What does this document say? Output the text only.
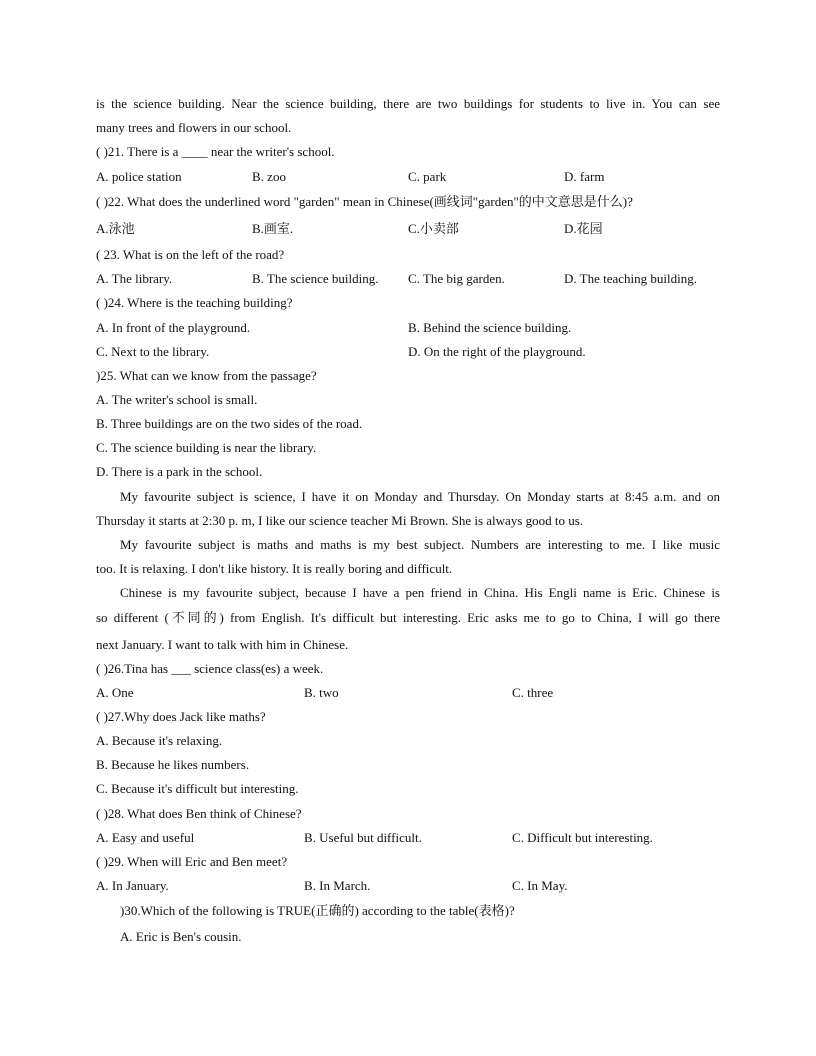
is the science building. Near the science building, there are two buildings for students to live in. You can see
many trees and flowers in our school.
( )21. There is a ____ near the writer's school.
A. police station	B. zoo	C. park	D. farm
( )22. What does the underlined word "garden" mean in Chinese(画线词"garden"的中文意思是什么)?
A.泳池	B.画室.	C.小卖部	D.花园
( 23. What is on the left of the road?
A. The library.	B. The science building. C. The big garden.	D. The teaching building.
( )24. Where is the teaching building?
A. In front of the playground.	B. Behind the science building.
C. Next to the library.	D. On the right of the playground.
)25. What can we know from the passage?
A. The writer's school is small.
B. Three buildings are on the two sides of the road.
C. The science building is near the library.
D. There is a park in the school.
My favourite subject is science, I have it on Monday and Thursday. On Monday starts at 8:45 a.m. and on
Thursday it starts at 2:30 p. m, I like our science teacher Mi Brown. She is always good to us.
My favourite subject is maths and maths is my best subject. Numbers are interesting to me. I like music
too. It is relaxing. I don't like history. It is really boring and difficult.
Chinese is my favourite subject, because I have a pen friend in China. His Engli name is Eric. Chinese is
so different (不同的) from English. It's difficult but interesting. Eric asks me to go to China, I will go there
next January. I want to talk with him in Chinese.
( )26.Tina has ___ science class(es) a week.
A. One	B. two	C. three
( )27.Why does Jack like maths?
A. Because it's relaxing.
B. Because he likes numbers.
C. Because it's difficult but interesting.
( )28. What does Ben think of Chinese?
A. Easy and useful	B. Useful but difficult.	C. Difficult but interesting.
( )29. When will Eric and Ben meet?
A. In January.	B. In March.	C. In May.
)30.Which of the following is TRUE(正确的) according to the table(表格)?
A. Eric is Ben's cousin.
